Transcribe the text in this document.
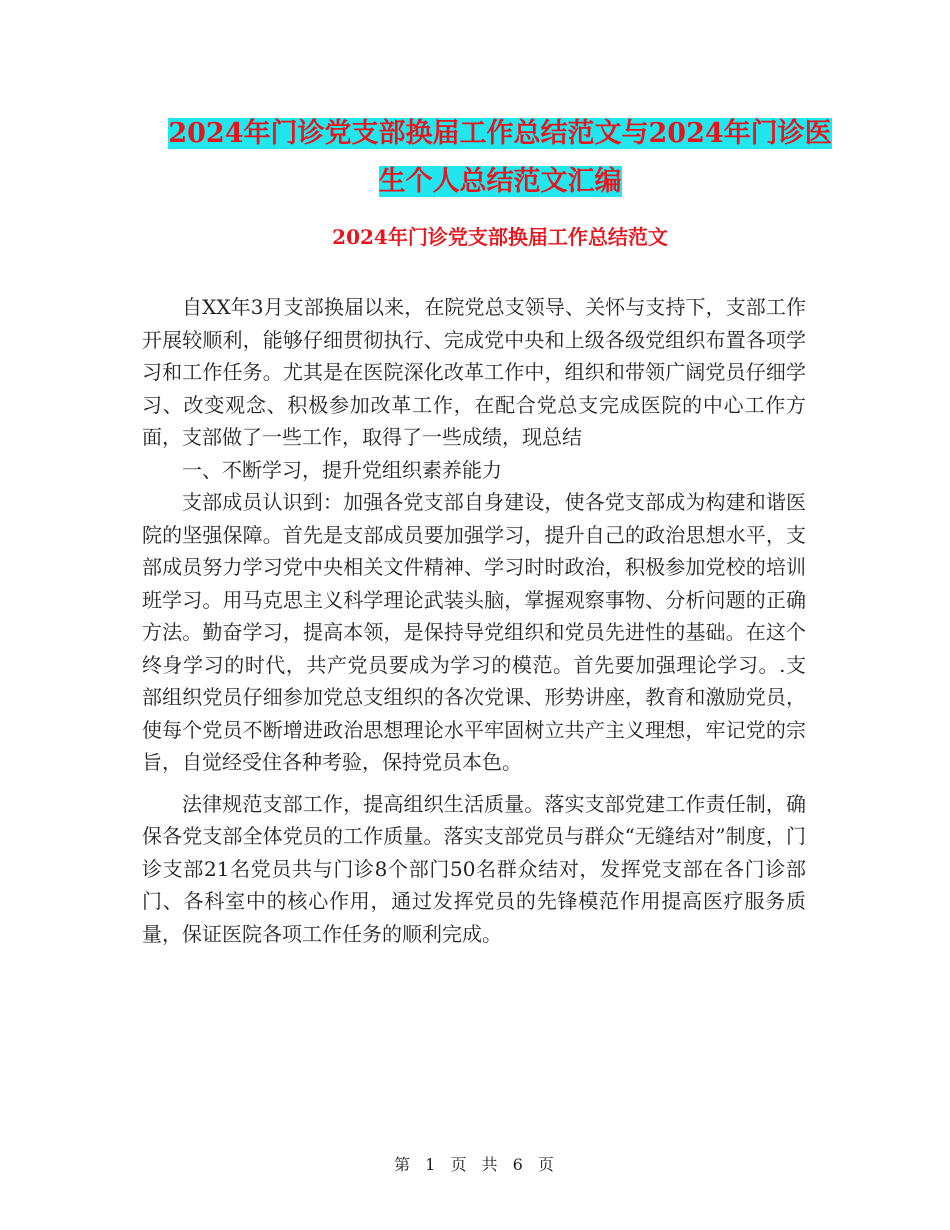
2024年门诊党支部换届工作总结范文与2024年门诊医
生个人总结范文汇编
2024年门诊党支部换届工作总结范文

自XX年3月支部换届以来，在院党总支领导、关怀与支持下，支部工作开展较顺利，能够仔细贯彻执行、完成党中央和上级各级党组织布置各项学习和工作任务。尤其是在医院深化改革工作中，组织和带领广阔党员仔细学习、改变观念、积极参加改革工作，在配合党总支完成医院的中心工作方面，支部做了一些工作，取得了一些成绩，现总结

一、不断学习，提升党组织素养能力

支部成员认识到：加强各党支部自身建设，使各党支部成为构建和谐医院的坚强保障。首先是支部成员要加强学习，提升自己的政治思想水平，支部成员努力学习党中央相关文件精神、学习时时政治，积极参加党校的培训班学习。用马克思主义科学理论武装头脑，掌握观察事物、分析问题的正确方法。勤奋学习，提高本领，是保持导党组织和党员先进性的基础。在这个终身学习的时代，共产党员要成为学习的模范。首先要加强理论学习。.支部组织党员仔细参加党总支组织的各次党课、形势讲座，教育和激励党员，使每个党员不断增进政治思想理论水平牢固树立共产主义理想，牢记党的宗旨，自觉经受住各种考验，保持党员本色。

法律规范支部工作，提高组织生活质量。落实支部党建工作责任制，确保各党支部全体党员的工作质量。落实支部党员与群众“无缝结对”制度，门诊支部21名党员共与门诊8个部门50名群众结对，发挥党支部在各门诊部门、各科室中的核心作用，通过发挥党员的先锋模范作用提高医疗服务质量，保证医院各项工作任务的顺利完成。

第 1 页 共 6 页
